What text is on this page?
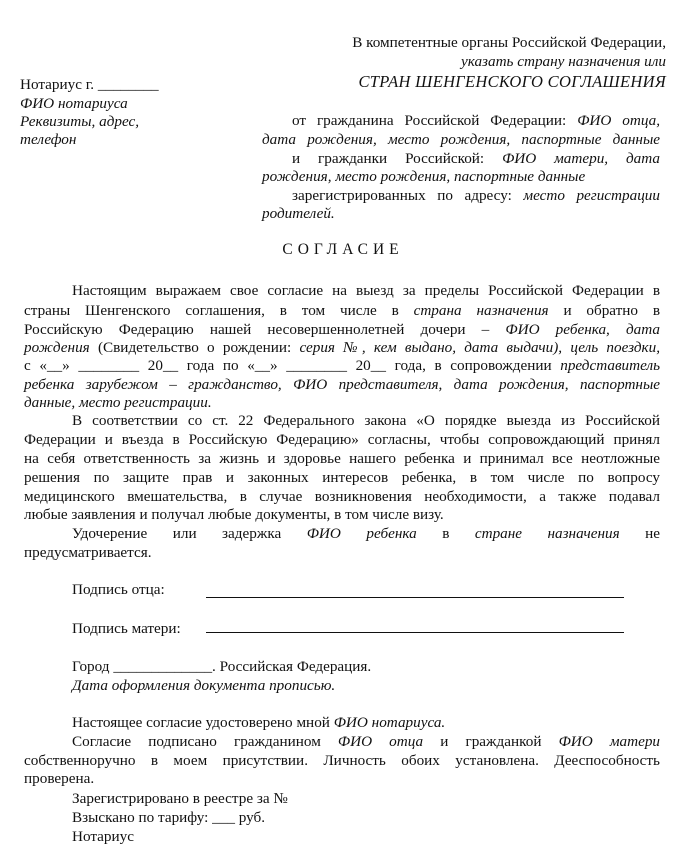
В компетентные органы Российской Федерации,
указать страну назначения или
СТРАН ШЕНГЕНСКОГО СОГЛАШЕНИЯ
Нотариус г. ________
ФИО нотариуса
Реквизиты, адрес,
телефон
от гражданина Российской Федерации: ФИО отца,
дата рождения, место рождения, паспортные данные
и гражданки Российской: ФИО матери, дата
рождения, место рождения, паспортные данные
зарегистрированных по адресу: место регистрации
родителей.
СОГЛАСИЕ
Настоящим выражаем свое согласие на выезд за пределы Российской Федерации в
страны Шенгенского соглашения, в том числе в страна назначения и обратно в
Российскую Федерацию нашей несовершеннолетней дочери – ФИО ребенка, дата
рождения (Свидетельство о рождении: серия №, кем выдано, дата выдачи), цель поездки,
с «__» ________ 20__ года по «__» ________ 20__ года, в сопровождении представитель
ребенка зарубежом – гражданство, ФИО представителя, дата рождения, паспортные
данные, место регистрации.
В соответствии со ст. 22 Федерального закона «О порядке выезда из Российской
Федерации и въезда в Российскую Федерацию» согласны, чтобы сопровождающий принял
на себя ответственность за жизнь и здоровье нашего ребенка и принимал все неотложные
решения по защите прав и законных интересов ребенка, в том числе по вопросу
медицинского вмешательства, в случае возникновения необходимости, а также подавал
любые заявления и получал любые документы, в том числе визу.
Удочерение или задержка ФИО ребенка в стране назначения не
предусматривается.
Подпись отца:
Подпись матери:
Город _____________. Российская Федерация.
Дата оформления документа прописью.
Настоящее согласие удостоверено мной ФИО нотариуса.
Согласие подписано гражданином ФИО отца и гражданкой ФИО матери
собственноручно в моем присутствии. Личность обоих установлена. Дееспособность
проверена.
Зарегистрировано в реестре за №
Взыскано по тарифу: ___ руб.
Нотариус
